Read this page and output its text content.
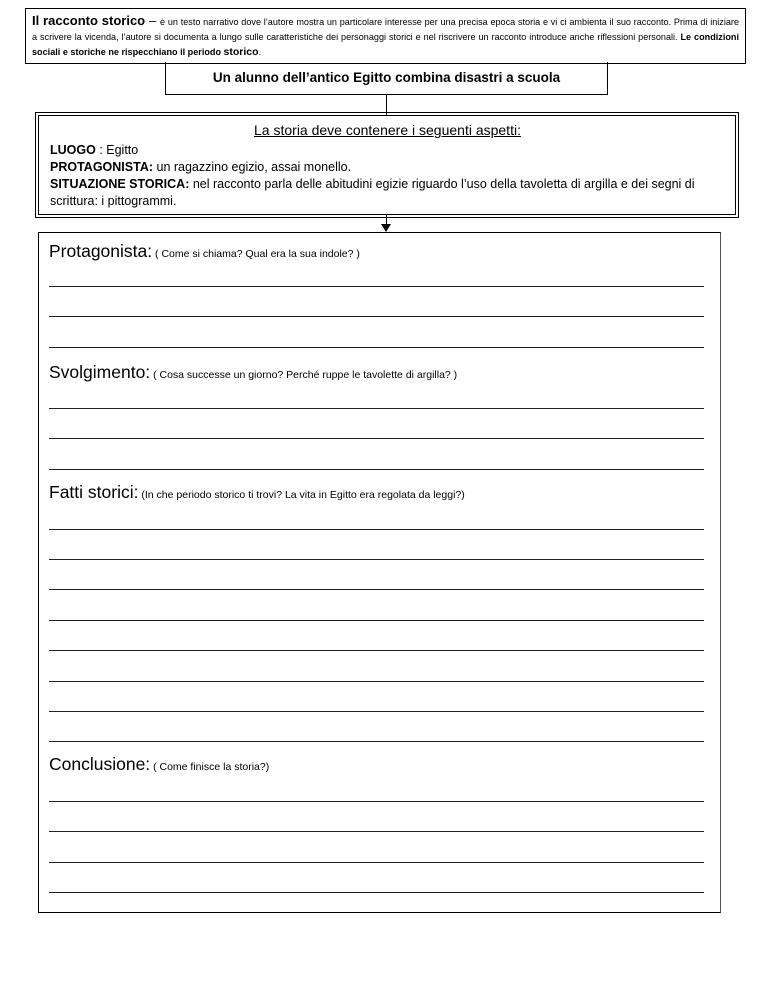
Il racconto storico – è un testo narrativo dove l’autore mostra un particolare interesse per una precisa epoca storia e vi ci ambienta il suo racconto. Prima di iniziare a scrivere la vicenda, l’autore si documenta a lungo sulle caratteristiche dei personaggi storici e nel riscrivere un racconto introduce anche riflessioni personali. Le condizioni sociali e storiche ne rispecchiano il periodo storico.
Un alunno dell’antico Egitto combina disastri a scuola
La storia deve contenere i seguenti aspetti:
LUOGO : Egitto
PROTAGONISTA: un ragazzino egizio, assai monello.
SITUAZIONE STORICA: nel racconto parla delle abitudini egizie riguardo l’uso della tavoletta di argilla e dei segni di scrittura: i pittogrammi.
Protagonista: ( Come si chiama? Qual era la sua indole? )
Svolgimento: ( Cosa successe un giorno? Perché ruppe le tavolette di argilla? )
Fatti storici: (In che periodo storico ti trovi? La vita in Egitto era regolata da leggi?)
Conclusione: ( Come finisce la storia?)
